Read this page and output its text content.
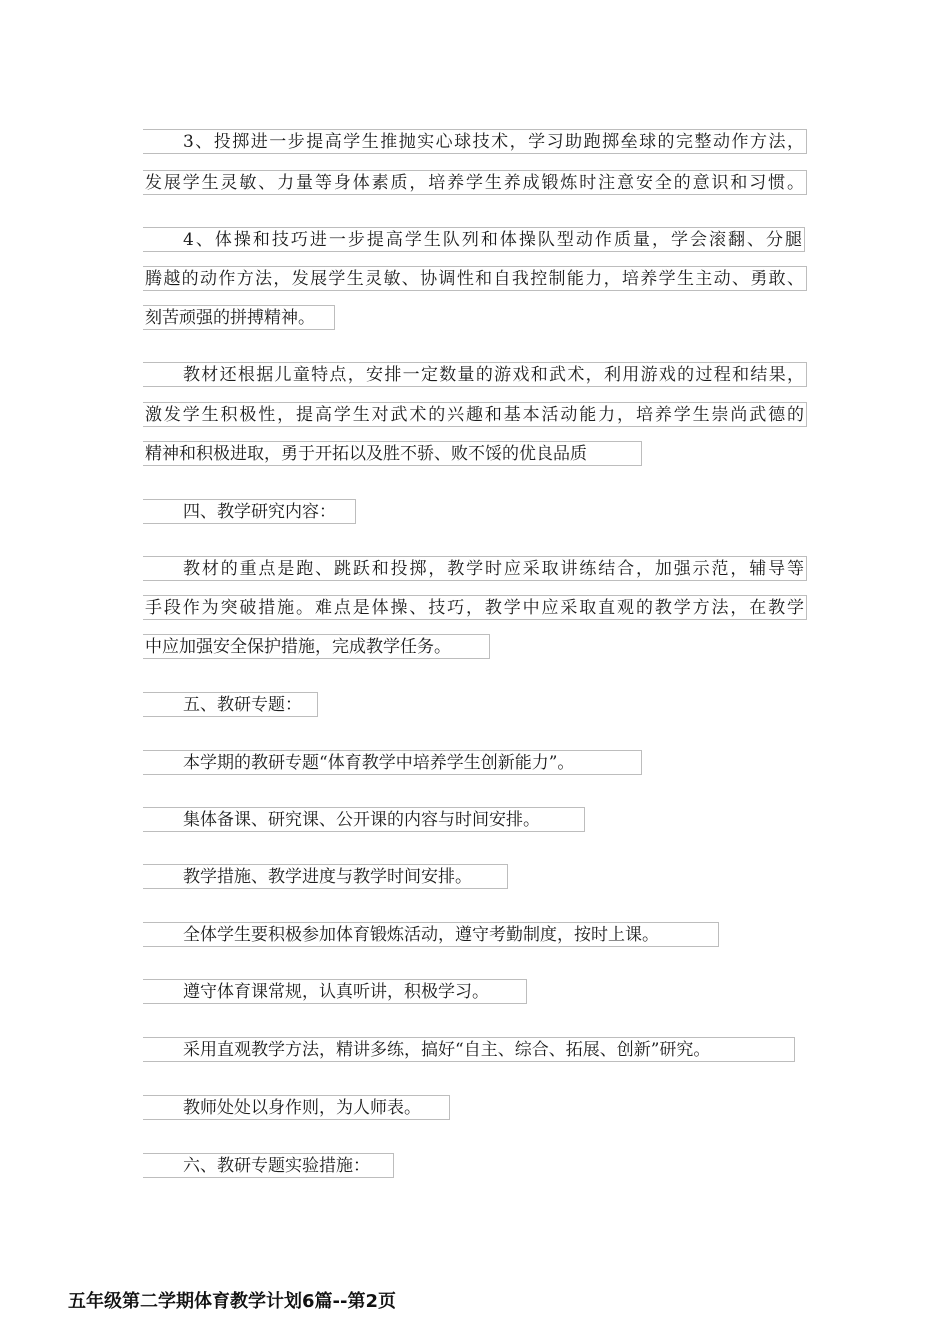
3、投掷进一步提高学生推抛实心球技术，学习助跑掷垒球的完整动作方法，
发展学生灵敏、力量等身体素质，培养学生养成锻炼时注意安全的意识和习惯。
4、体操和技巧进一步提高学生队列和体操队型动作质量，学会滚翻、分腿
腾越的动作方法，发展学生灵敏、协调性和自我控制能力，培养学生主动、勇敢、
刻苦顽强的拼搏精神。
教材还根据儿童特点，安排一定数量的游戏和武术，利用游戏的过程和结果，
激发学生积极性，提高学生对武术的兴趣和基本活动能力，培养学生崇尚武德的
精神和积极进取，勇于开拓以及胜不骄、败不馁的优良品质
四、教学研究内容：
教材的重点是跑、跳跃和投掷，教学时应采取讲练结合，加强示范，辅导等
手段作为突破措施。难点是体操、技巧，教学中应采取直观的教学方法，在教学
中应加强安全保护措施，完成教学任务。
五、教研专题：
本学期的教研专题“体育教学中培养学生创新能力”。
集体备课、研究课、公开课的内容与时间安排。
教学措施、教学进度与教学时间安排。
全体学生要积极参加体育锻炼活动，遵守考勤制度，按时上课。
遵守体育课常规，认真听讲，积极学习。
采用直观教学方法，精讲多练，搞好“自主、综合、拓展、创新”研究。
教师处处以身作则，为人师表。
六、教研专题实验措施：
五年级第二学期体育教学计划6篇--第2页
